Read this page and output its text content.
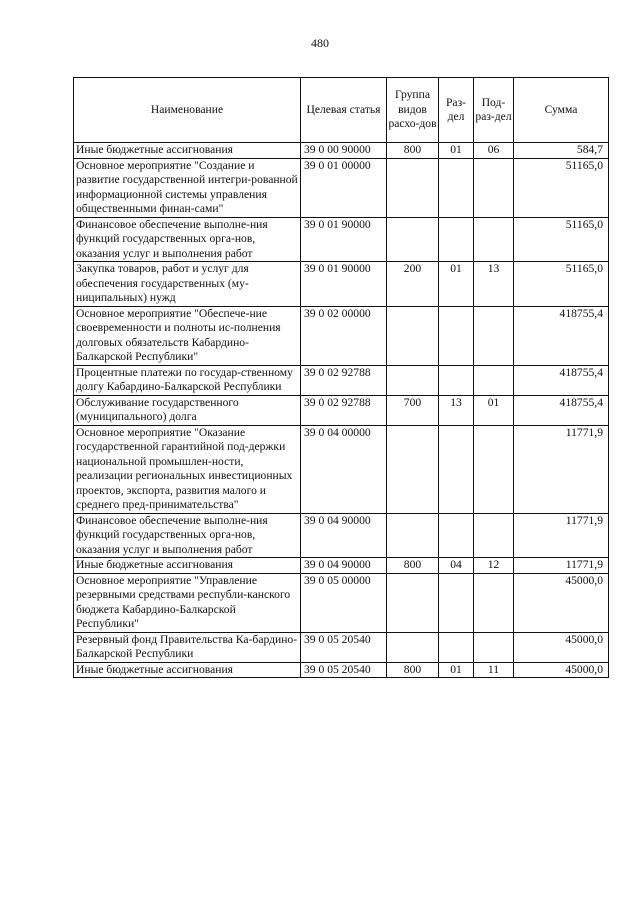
480
Наименование	Целевая статья	Группа видов расхо-дов	Раз-дел	Под-раз-дел	Сумма
Иные бюджетные ассигнования	39 0 00 90000	800	01	06	584,7
Основное мероприятие "Создание и развитие государственной интегри-рованной информационной системы управления общественными финан-сами"	39 0 01 00000				51165,0
Финансовое обеспечение выполне-ния функций государственных орга-нов, оказания услуг и выполнения работ	39 0 01 90000				51165,0
Закупка товаров, работ и услуг для обеспечения государственных (му-ниципальных) нужд	39 0 01 90000	200	01	13	51165,0
Основное мероприятие "Обеспече-ние своевременности и полноты ис-полнения долговых обязательств Кабардино-Балкарской Республики"	39 0 02 00000				418755,4
Процентные платежи по государ-ственному долгу Кабардино-Балкарской Республики	39 0 02 92788				418755,4
Обслуживание государственного (муниципального) долга	39 0 02 92788	700	13	01	418755,4
Основное мероприятие "Оказание государственной гарантийной под-держки национальной промышлен-ности, реализации региональных инвестиционных проектов, экспорта, развития малого и среднего пред-принимательства"	39 0 04 00000				11771,9
Финансовое обеспечение выполне-ния функций государственных орга-нов, оказания услуг и выполнения работ	39 0 04 90000				11771,9
Иные бюджетные ассигнования	39 0 04 90000	800	04	12	11771,9
Основное мероприятие "Управление резервными средствами республи-канского бюджета Кабардино-Балкарской Республики"	39 0 05 00000				45000,0
Резервный фонд Правительства Ка-бардино-Балкарской Республики	39 0 05 20540				45000,0
Иные бюджетные ассигнования	39 0 05 20540	800	01	11	45000,0
